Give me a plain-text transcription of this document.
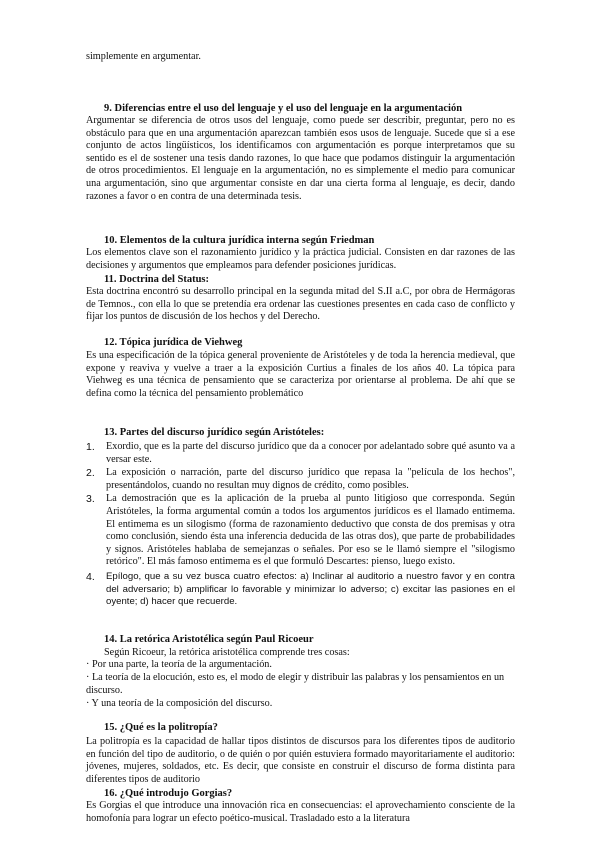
simplemente en argumentar.

9. Diferencias entre el uso del lenguaje y el uso del lenguaje en la argumentación

Argumentar se diferencia de otros usos del lenguaje, como puede ser describir, preguntar, pero no es obstáculo para que en una argumentación aparezcan también esos usos de lenguaje. Sucede que si a ese conjunto de actos lingüísticos, los identificamos con argumentación es porque interpretamos que su sentido es el de sostener una tesis dando razones, lo que hace que podamos distinguir la argumentación de otros procedimientos. El lenguaje en la argumentación, no es simplemente el medio para comunicar una argumentación, sino que argumentar consiste en dar una cierta forma al lenguaje, es decir, dando razones a favor o en contra de una determinada tesis.

10. Elementos de la cultura jurídica interna según Friedman

Los elementos clave son el razonamiento jurídico y la práctica judicial. Consisten en dar razones de las decisiones y argumentos que empleamos para defender posiciones jurídicas.

11. Doctrina del Status:

Esta doctrina encontró su desarrollo principal en la segunda mitad del S.II a.C, por obra de Hermágoras de Temnos., con ella lo que se pretendía era ordenar las cuestiones presentes en cada caso de conflicto y fijar los puntos de discusión de los hechos y del Derecho.

12. Tópica jurídica de Viehweg

Es una especificación de la tópica general proveniente de Aristóteles y de toda la herencia medieval, que expone y reaviva y vuelve a traer a la exposición Curtius a finales de los años 40. La tópica para Viehweg es una técnica de pensamiento que se caracteriza por orientarse al problema. De ahí que se defina como la técnica del pensamiento problemático

13. Partes del discurso jurídico según Aristóteles:

1. Exordio, que es la parte del discurso jurídico que da a conocer por adelantado sobre qué asunto va a versar este.
2. La exposición o narración, parte del discurso jurídico que repasa la "película de los hechos", presentándolos, cuando no resultan muy dignos de crédito, como posibles.
3. La demostración que es la aplicación de la prueba al punto litigioso que corresponda. Según Aristóteles, la forma argumental común a todos los argumentos jurídicos es el llamado entimema. El entimema es un silogismo (forma de razonamiento deductivo que consta de dos premisas y otra como conclusión, siendo ésta una inferencia deducida de las otras dos), que parte de probabilidades y signos. Aristóteles hablaba de semejanzas o señales. Por eso se le llamó siempre el "silogismo retórico". El más famoso entimema es el que formuló Descartes: pienso, luego existo.
4. Epílogo, que a su vez busca cuatro efectos: a) Inclinar al auditorio a nuestro favor y en contra del adversario; b) amplificar lo favorable y minimizar lo adverso; c) excitar las pasiones en el oyente; d) hacer que recuerde.

14. La retórica Aristotélica según Paul Ricoeur

Según Ricoeur, la retórica aristotélica comprende tres cosas:

· Por una parte, la teoría de la argumentación.

· La teoría de la elocución, esto es, el modo de elegir y distribuir las palabras y los pensamientos en un discurso.

· Y una teoría de la composición del discurso.

15. ¿Qué es la politropía?

La politropía es la capacidad de hallar tipos distintos de discursos para los diferentes tipos de auditorio en función del tipo de auditorio, o de quién o por quién estuviera formado mayoritariamente el auditorio: jóvenes, mujeres, soldados, etc. Es decir, que consiste en construir el discurso de forma distinta para diferentes tipos de auditorio

16. ¿Qué introdujo Gorgias?

Es Gorgias el que introduce una innovación rica en consecuencias: el aprovechamiento consciente de la homofonía para lograr un efecto poético-musical. Trasladado esto a la literatura
